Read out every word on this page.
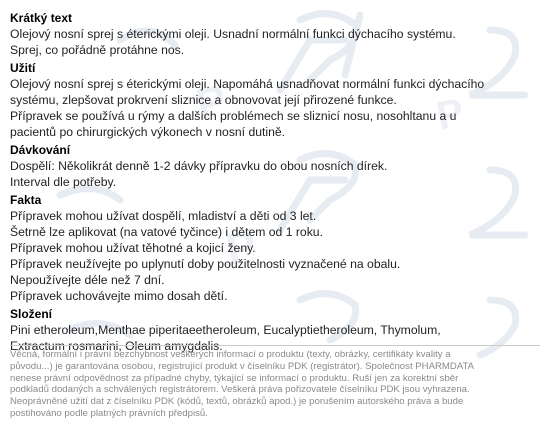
P
P
P
Krátký text

Olejový nosní sprej s éterickými oleji. Usnadní normální funkci dýchacího systému.

Sprej, co pořádně protáhne nos.

Užití

Olejový nosní sprej s éterickými oleji. Napomáhá usnadňovat normální funkci dýchacího

systému, zlepšovat prokrvení sliznice a obnovovat její přirozené funkce.

Přípravek se používá u rýmy a dalších problémech se sliznicí nosu, nosohltanu a u

pacientů po chirurgických výkonech v nosní dutině.

Dávkování

Dospělí: Několikrát denně 1-2 dávky přípravku do obou nosních dírek.

Interval dle potřeby.

Fakta

Přípravek mohou užívat dospělí, mladiství a děti od 3 let.

Šetrně lze aplikovat (na vatové tyčince) i dětem od 1 roku.

Přípravek mohou užívat těhotné a kojicí ženy.

Přípravek neužívejte po uplynutí doby použitelnosti vyznačené na obalu.

Nepoužívejte déle než 7 dní.

Přípravek uchovávejte mimo dosah dětí.

Složení

Pini etheroleum,Menthae piperitaeetheroleum, Eucalyptietheroleum, Thymolum,

Extractum rosmarini, Oleum amygdalis.

Věcná, formální i právní bezchybnost veškerých informací o produktu (texty, obrázky, certifikáty kvality a
původu...) je garantována osobou, registrující produkt v číselníku PDK (registrátor). Společnost PHARMDATA
nenese právní odpovědnost za případné chyby, týkající se informací o produktu. Ruší jen za korektní sběr
podkladů dodaných a schválených registrátorem. Veškerá práva pořizovatele číselníku PDK jsou vyhrazena.
Neoprávněné užití dat z číselníku PDK (kódů, textů, obrázků apod.) je porušením autorského práva a bude
postihováno podle platných právních předpisů.
